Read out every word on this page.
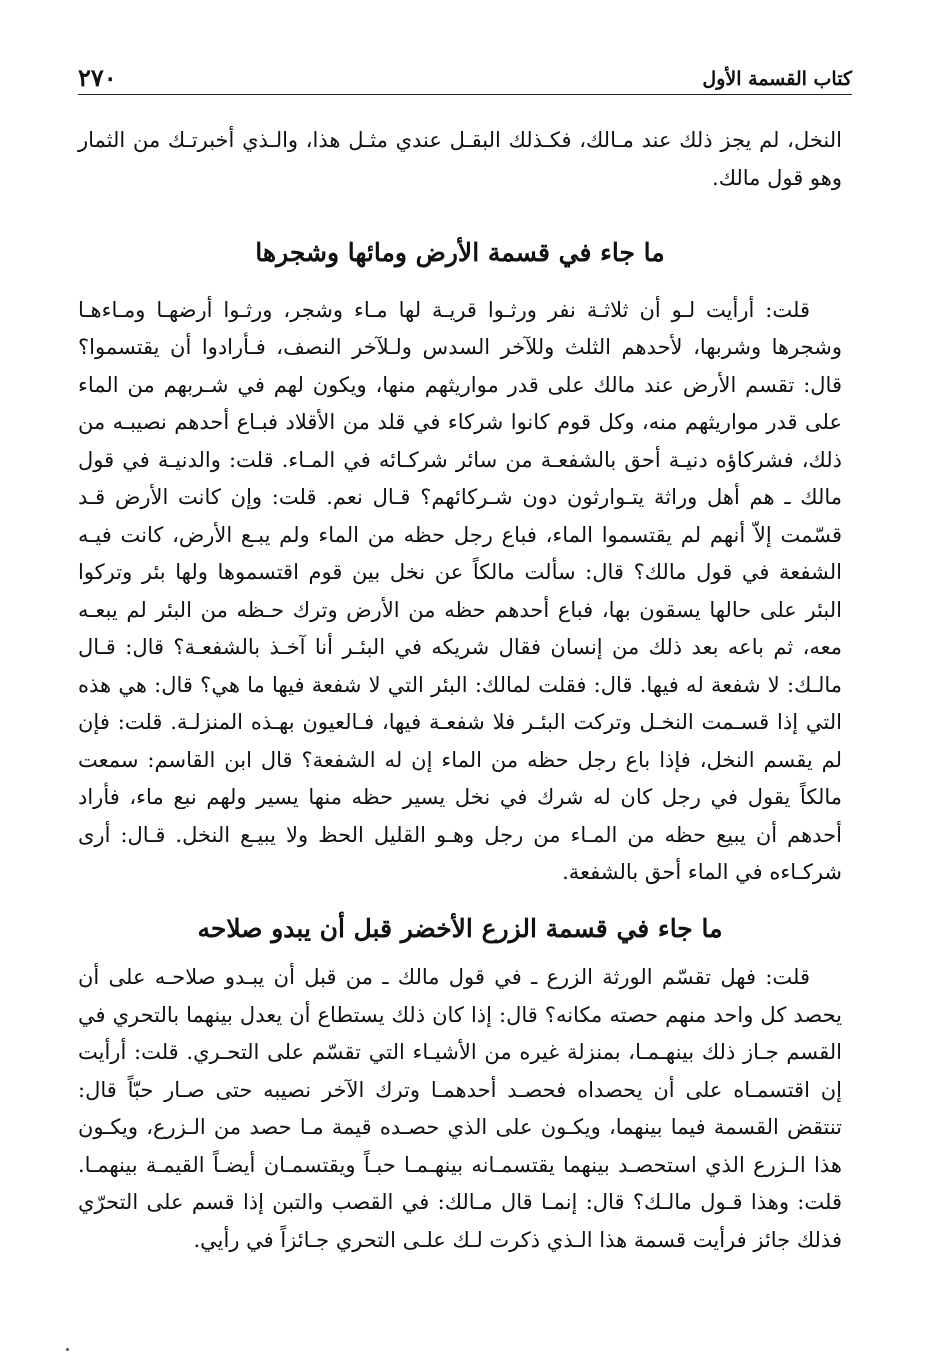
كتاب القسمة الأول
٢٧٠

النخل، لم يجز ذلك عند مـالك، فكـذلك البقـل عندي مثـل هذا، والـذي أخبرتـك من الثمار وهو قول مالك.

ما جاء في قسمة الأرض ومائها وشجرها

قلت: أرأيت لـو أن ثلاثـة نفر ورثـوا قريـة لها مـاء وشجر، ورثـوا أرضهـا ومـاءهـا وشجرها وشربها، لأحدهم الثلث وللآخر السدس ولـلآخر النصف، فـأرادوا أن يقتسموا؟ قال: تقسم الأرض عند مالك على قدر مواريثهم منها، ويكون لهم في شـربهم من الماء على قدر مواريثهم منه، وكل قوم كانوا شركاء في قلد من الأقلاد فبـاع أحدهم نصيبـه من ذلك، فشركاؤه دنيـة أحق بالشفعـة من سائر شركـائه في المـاء. قلت: والدنيـة في قول مالك ـ هم أهل وراثة يتـوارثون دون شـركائهم؟ قـال نعم. قلت: وإن كانت الأرض قـد قسّمت إلاّ أنهم لم يقتسموا الماء، فباع رجل حظه من الماء ولم يبـع الأرض، كانت فيـه الشفعة في قول مالك؟ قال: سألت مالكاً عن نخل بين قوم اقتسموها ولها بئر وتركوا البئر على حالها يسقون بها، فباع أحدهم حظه من الأرض وترك حـظه من البئر لم يبعـه معه، ثم باعه بعد ذلك من إنسان فقال شريكه في البئـر أنا آخـذ بالشفعـة؟ قال: قـال مالـك: لا شفعة له فيها. قال: فقلت لمالك: البئر التي لا شفعة فيها ما هي؟ قال: هي هذه التي إذا قسـمت النخـل وتركت البئـر فلا شفعـة فيها، فـالعيون بهـذه المنزلـة. قلت: فإن لم يقسم النخل، فإذا باع رجل حظه من الماء إن له الشفعة؟ قال ابن القاسم: سمعت مالكاً يقول في رجل كان له شرك في نخل يسير حظه منها يسير ولهم نبع ماء، فأراد أحدهم أن يبيع حظه من المـاء من رجل وهـو القليل الحظ ولا يبيـع النخل. قـال: أرى شركـاءه في الماء أحق بالشفعة.

ما جاء في قسمة الزرع الأخضر قبل أن يبدو صلاحه

قلت: فهل تقسّم الورثة الزرع ـ في قول مالك ـ من قبل أن يبـدو صلاحـه على أن يحصد كل واحد منهم حصته مكانه؟ قال: إذا كان ذلك يستطاع أن يعدل بينهما بالتحري في القسم جـاز ذلك بينهـمـا، بمنزلة غيره من الأشيـاء التي تقسّم على التحـري. قلت: أرأيت إن اقتسمـاه على أن يحصداه فحصـد أحدهمـا وترك الآخر نصيبه حتى صـار حبّاً قال: تنتقض القسمة فيما بينهما، ويكـون على الذي حصـده قيمة مـا حصد من الـزرع، ويكـون هذا الـزرع الذي استحصـد بينهما يقتسمـانه بينهـمـا حبـاً ويقتسمـان أيضـاً القيمـة بينهمـا. قلت: وهذا قـول مالـك؟ قال: إنمـا قال مـالك: في القصب والتبن إذا قسم على التحرّي فذلك جائز فرأيت قسمة هذا الـذي ذكرت لـك علـى التحري جـائزاً في رأيي.
